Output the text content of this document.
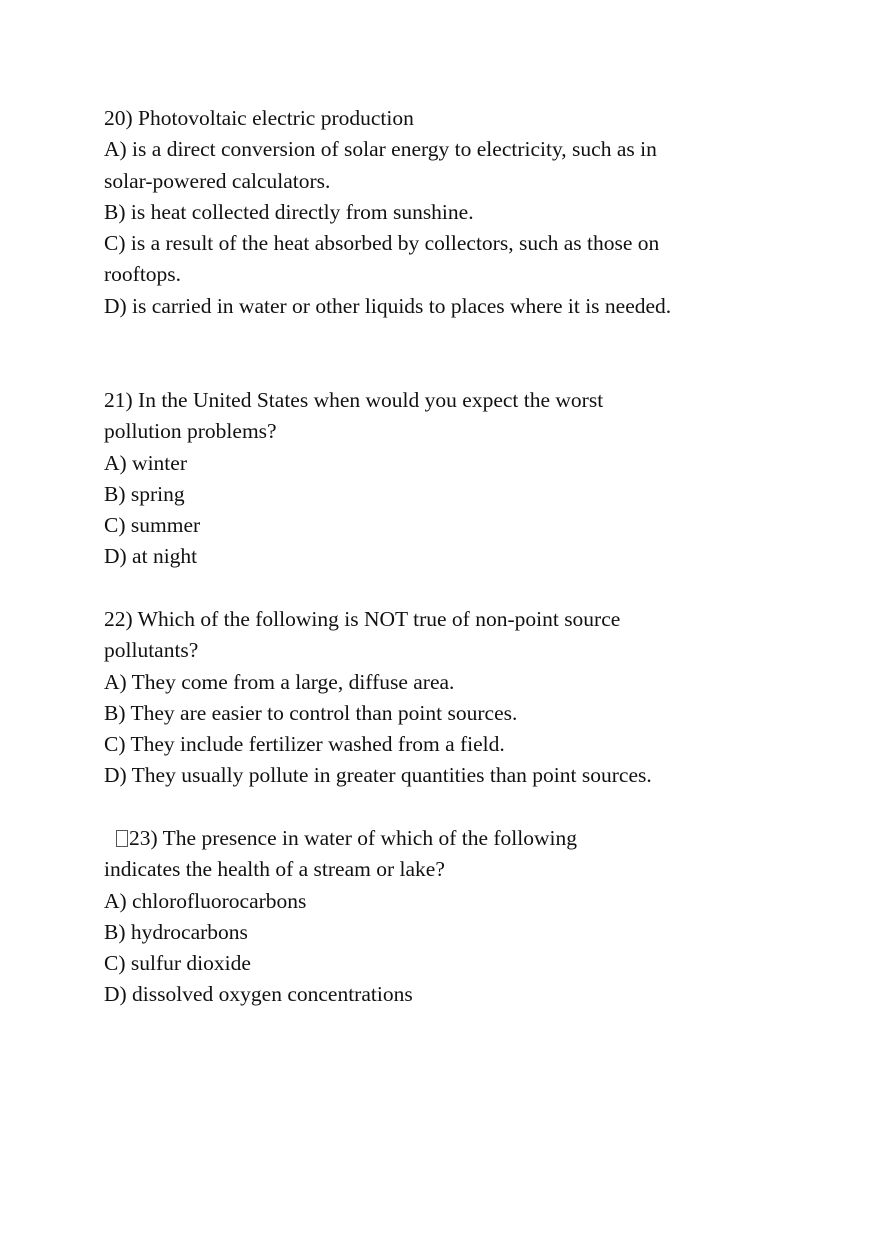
20) Photovoltaic electric production
A) is a direct conversion of solar energy to electricity, such as in
solar-powered calculators.
B) is heat collected directly from sunshine.
C) is a result of the heat absorbed by collectors, such as those on
rooftops.
D) is carried in water or other liquids to places where it is needed.
21) In the United States when would you expect the worst
pollution problems?
A) winter
B) spring
C) summer
D) at night
22) Which of the following is NOT true of non-point source
pollutants?
A) They come from a large, diffuse area.
B) They are easier to control than point sources.
C) They include fertilizer washed from a field.
D) They usually pollute in greater quantities than point sources.
23) The presence in water of which of the following
indicates the health of a stream or lake?
A) chlorofluorocarbons
B) hydrocarbons
C) sulfur dioxide
D) dissolved oxygen concentrations
